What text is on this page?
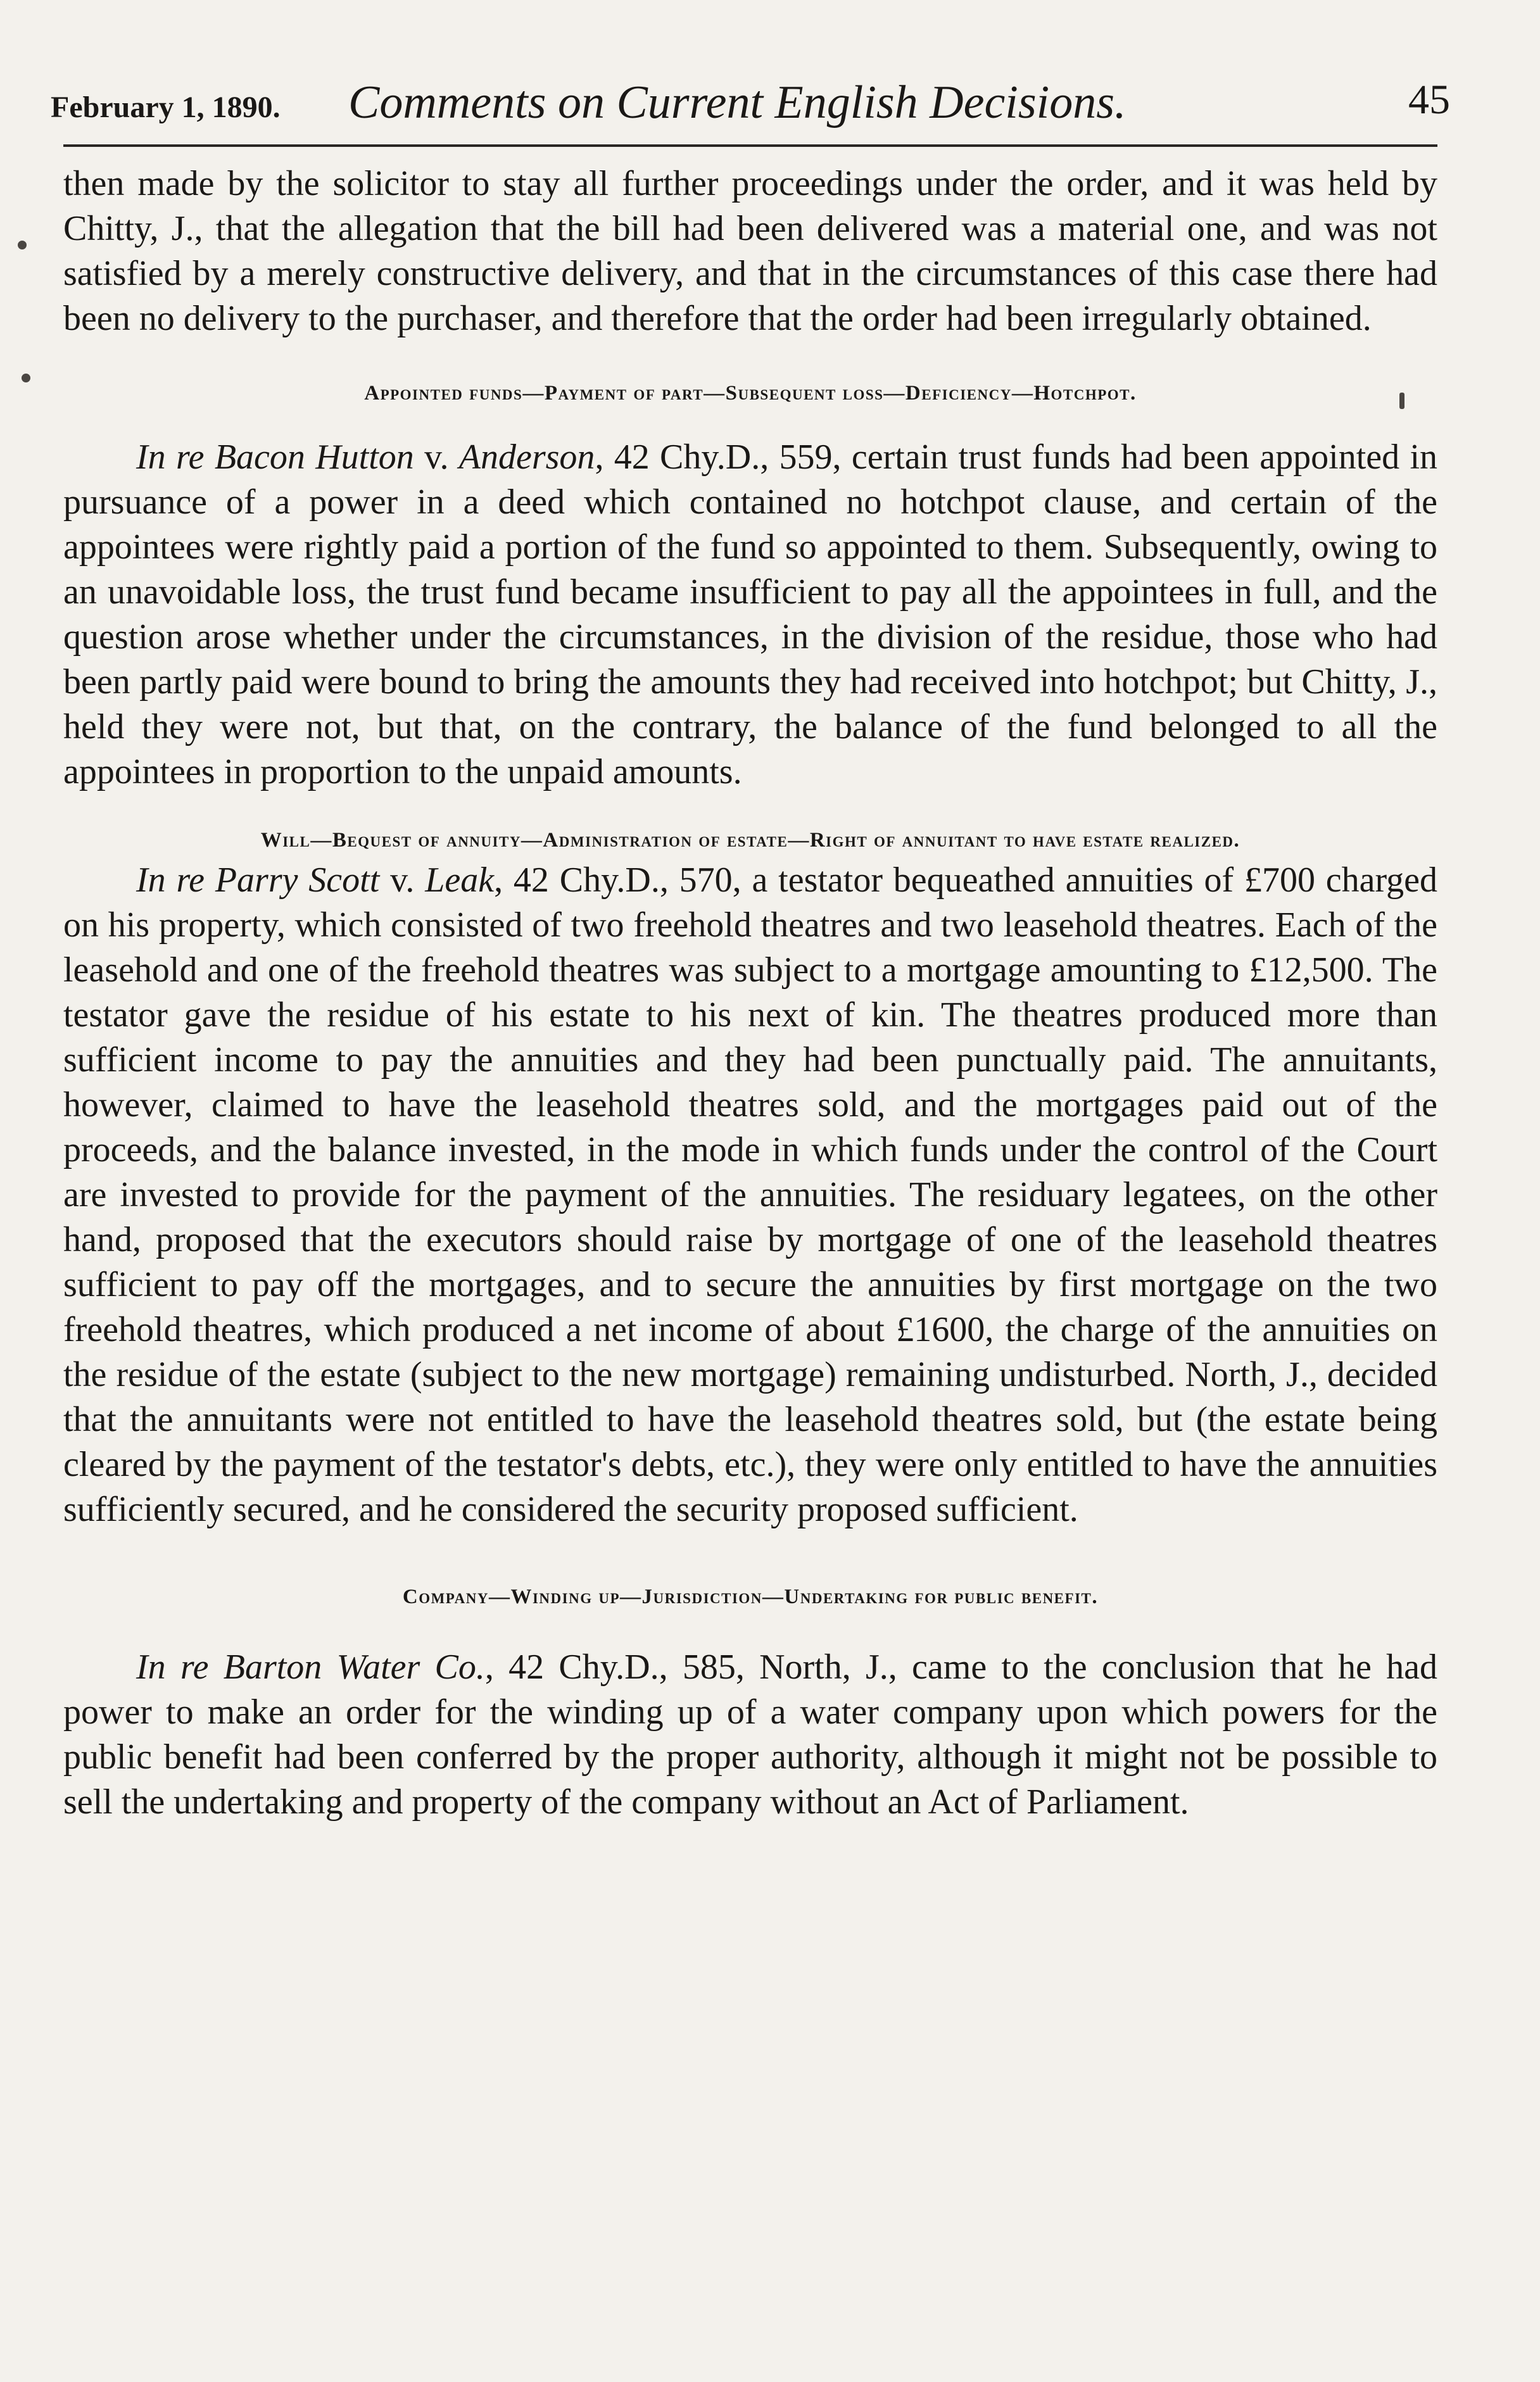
February 1, 1890. Comments on Current English Decisions.	45

then made by the solicitor to stay all further proceedings under the order, and it was held by Chitty, J., that the allegation that the bill had been delivered was a material one, and was not satisfied by a merely constructive delivery, and that in the circumstances of this case there had been no delivery to the purchaser, and therefore that the order had been irregularly obtained.

Appointed funds—Payment of part—Subsequent loss—Deficiency—Hotchpot.

In re Bacon Hutton v. Anderson, 42 Chy.D., 559, certain trust funds had been appointed in pursuance of a power in a deed which contained no hotchpot clause, and certain of the appointees were rightly paid a portion of the fund so appointed to them. Subsequently, owing to an unavoidable loss, the trust fund became insufficient to pay all the appointees in full, and the question arose whether under the circumstances, in the division of the residue, those who had been partly paid were bound to bring the amounts they had received into hotchpot; but Chitty, J., held they were not, but that, on the contrary, the balance of the fund belonged to all the appointees in proportion to the unpaid amounts.

Will—Bequest of annuity—Administration of estate—Right of annuitant to have estate realized.

In re Parry Scott v. Leak, 42 Chy.D., 570, a testator bequeathed annuities of £700 charged on his property, which consisted of two freehold theatres and two leasehold theatres. Each of the leasehold and one of the freehold theatres was subject to a mortgage amounting to £12,500. The testator gave the residue of his estate to his next of kin. The theatres produced more than sufficient income to pay the annuities and they had been punctually paid. The annuitants, however, claimed to have the leasehold theatres sold, and the mortgages paid out of the proceeds, and the balance invested, in the mode in which funds under the control of the Court are invested to provide for the payment of the annuities. The residuary legatees, on the other hand, proposed that the executors should raise by mortgage of one of the leasehold theatres sufficient to pay off the mortgages, and to secure the annuities by first mortgage on the two freehold theatres, which produced a net income of about £1600, the charge of the annuities on the residue of the estate (subject to the new mortgage) remaining undisturbed. North, J., decided that the annuitants were not entitled to have the leasehold theatres sold, but (the estate being cleared by the payment of the testator's debts, etc.), they were only entitled to have the annuities sufficiently secured, and he considered the security proposed sufficient.

Company—Winding up—Jurisdiction—Undertaking for public benefit.

In re Barton Water Co., 42 Chy.D., 585, North, J., came to the conclusion that he had power to make an order for the winding up of a water company upon which powers for the public benefit had been conferred by the proper authority, although it might not be possible to sell the undertaking and property of the company without an Act of Parliament.
